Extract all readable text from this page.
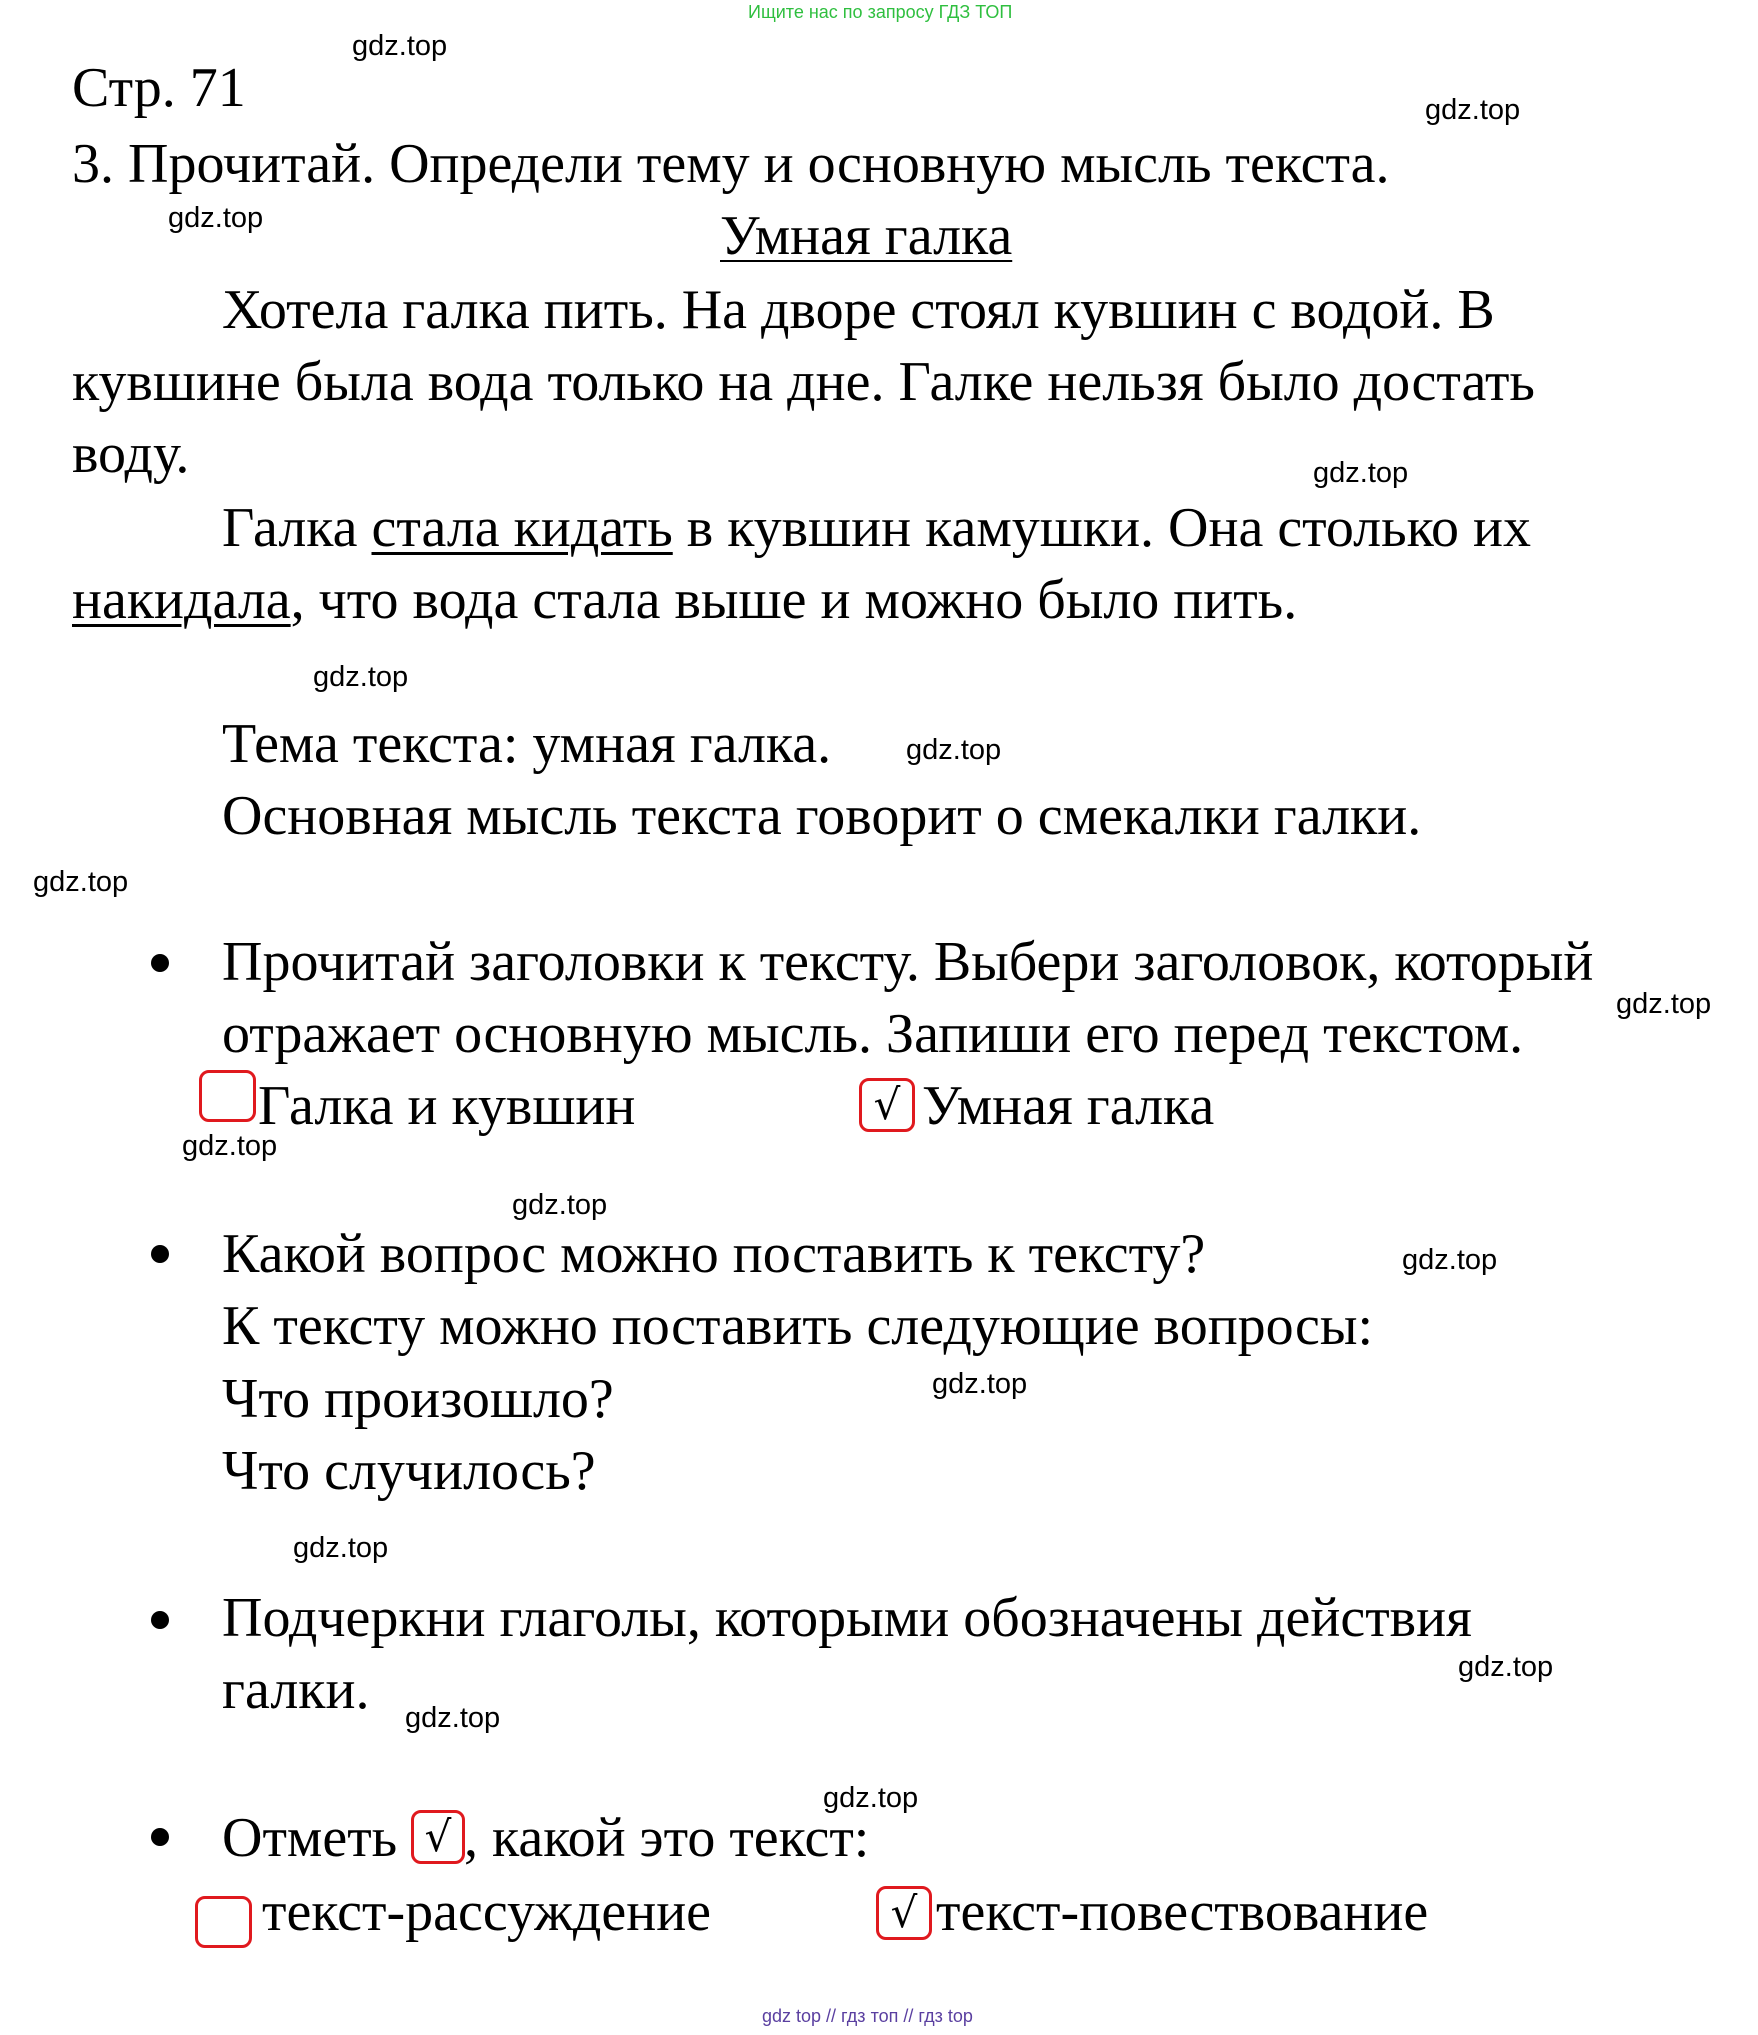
Ищите нас по запросу ГДЗ ТОП
gdz top // гдз топ // гдз top
gdz.top
gdz.top
gdz.top
gdz.top
gdz.top
gdz.top
gdz.top
gdz.top
gdz.top
gdz.top
gdz.top
gdz.top
gdz.top
gdz.top
gdz.top
gdz.top
Стр. 71
3. Прочитай. Определи тему и основную мысль текста.
Умная галка
Хотела галка пить. На дворе стоял кувшин с водой. В
кувшине была вода только на дне. Галке нельзя было достать
воду.
Галка стала кидать в кувшин камушки. Она столько их
накидала, что вода стала выше и можно было пить.
Тема текста: умная галка.
Основная мысль текста говорит о смекалки галки.
Прочитай заголовки к тексту. Выбери заголовок, который
отражает основную мысль. Запиши его перед текстом.
Галка и кувшин	√ Умная галка
Какой вопрос можно поставить к тексту?
К тексту можно поставить следующие вопросы:
Что произошло?
Что случилось?
Подчеркни глаголы, которыми обозначены действия
галки.
Отметь √ , какой это текст:
текст-рассуждение	√ текст-повествование
